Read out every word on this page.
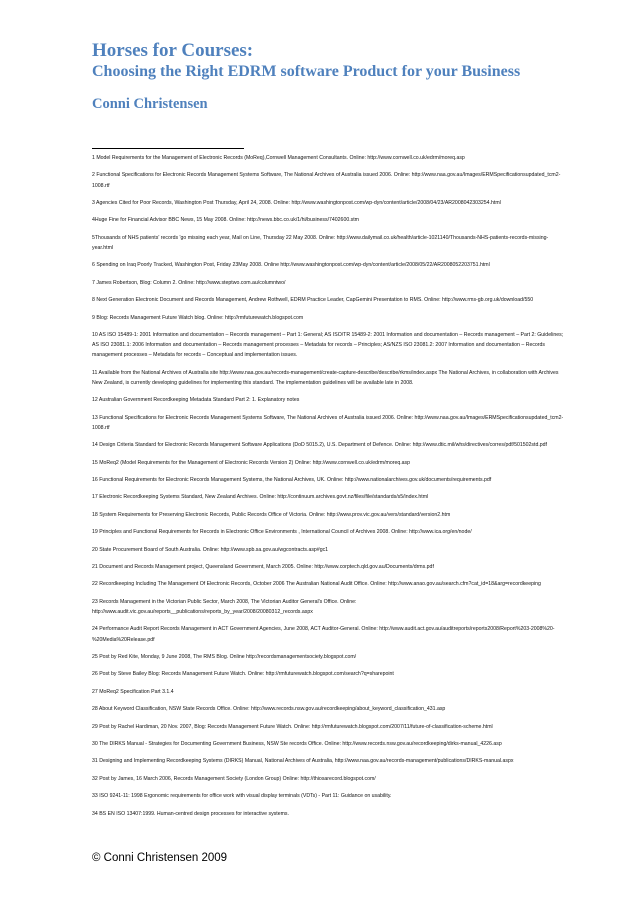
Horses for Courses:
Choosing the Right EDRM software Product for your Business
Conni Christensen
1 Model Requirements for the Management of Electronic Records (MoReq),Cornwell Management Consultants. Online: http://www.cornwell.co.uk/edrm/moreq.asp
2 Functional Specifications for Electronic Records Management Systems Software, The National Archives of Australia issued 2006. Online: http://www.naa.gov.au/Images/ERMSpecificationsupdated_tcm2-1008.rtf
3 Agencies Cited for Poor Records, Washington Post Thursday, April 24, 2008. Online: http://www.washingtonpost.com/wp-dyn/content/article/2008/04/23/AR2008042303254.html
4Huge Fine for Financial Advisor BBC News, 15 May 2008. Online: http://news.bbc.co.uk/1/hi/business/7402600.stm
5Thousands of NHS patients' records 'go missing each year, Mail on Line, Thursday 22 May 2008. Online: http://www.dailymail.co.uk/health/article-1021140/Thousands-NHS-patients-records-missing-year.html
6 Spending on Iraq Poorly Tracked, Washington Post, Friday 23May 2008. Online http://www.washingtonpost.com/wp-dyn/content/article/2008/05/22/AR2008052203751.html
7 James Robertson, Blog: Column 2. Online: http://www.steptwo.com.au/columntwo/
8 Next Generation Electronic Document and Records Management, Andrew Rothwell, EDRM Practice Leader, CapGemini Presentation to RMS. Online: http://www.rms-gb.org.uk/download/550
9 Blog: Records Management Future Watch blog. Online: http://rmfuturewatch.blogspot.com
10 AS ISO 15489-1: 2001 Information and documentation – Records management – Part 1: General; AS ISO/TR 15489-2: 2001 Information and documentation – Records management – Part 2: Guidelines; AS ISO 23081.1: 2006 Information and documentation – Records management processes – Metadata for records – Principles; AS/NZS ISO 23081.2: 2007 Information and documentation – Records management processes – Metadata for records – Conceptual and implementation issues.
11 Available from the National Archives of Australia site http://www.naa.gov.au/records-management/create-capture-describe/describe/rkms/index.aspx The National Archives, in collaboration with Archives New Zealand, is currently developing guidelines for implementing this standard. The implementation guidelines will be available late in 2008.
12 Australian Government Recordkeeping Metadata Standard Part 2: 1. Explanatory notes
13 Functional Specifications for Electronic Records Management Systems Software, The National Archives of Australia issued 2006. Online: http://www.naa.gov.au/Images/ERMSpecificationsupdated_tcm2-1008.rtf
14 Design Criteria Standard for Electronic Records Management Software Applications (DoD 5015.2), U.S. Department of Defence. Online: http://www.dtic.mil/whs/directives/corres/pdf/501502std.pdf
15 MoReq2 (Model Requirements for the Management of Electronic Records Version 2) Online: http://www.cornwell.co.uk/edrm/moreq.asp
16 Functional Requirements for Electronic Records Management Systems, the National Archives, UK. Online: http://www.nationalarchives.gov.uk/documents/requirements.pdf
17 Electronic Recordkeeping Systems Standard, New Zealand Archives. Online: http://continuum.archives.govt.nz/files/file/standards/s5/index.html
18 System Requirements for Preserving Electronic Records, Public Records Office of Victoria. Online: http://www.prov.vic.gov.au/vers/standard/version2.htm
19 Principles and Functional Requirements for Records in Electronic Office Environments , International Council of Archives 2008. Online: http://www.ica.org/en/node/
20 State Procurement Board of South Australia. Online: http://www.spb.sa.gov.au/wgcontracts.asp#gc1
21 Document and Records Management project, Queensland Government, March 2005. Online: http://www.corptech.qld.gov.au/Documents/drms.pdf
22 Recordkeeping Including The Management Of Electronic Records, October 2006 The Australian National Audit Office. Online: http://www.anao.gov.au/search.cfm?cat_id=18&arg=recordkeeping
23 Records Management in the Victorian Public Sector, March 2008, The Victorian Auditor General's Office. Online: http://www.audit.vic.gov.au/reports__publications/reports_by_year/2008/20080312_records.aspx
24 Performance Audit Report Records Management in ACT Government Agencies, June 2008, ACT Auditor-General. Online: http://www.audit.act.gov.au/auditreports/reports2008/Report%203-2008%20-%20Media%20Release.pdf
25 Post by Red Kite, Monday, 9 June 2008, The RMS Blog. Online http://recordsmanagementsociety.blogspot.com/
26 Post by Steve Bailey Blog: Records Management Future Watch. Online: http://rmfuturewatch.blogspot.com/search?q=sharepoint
27 MoReq2 Specification Part 3.1.4
28 About Keyword Classification, NSW State Records Office. Online: http://www.records.nsw.gov.au/recordkeeping/about_keyword_classification_431.asp
29 Post by Rachel Hardiman, 20 Nov. 2007, Blog: Records Management Future Watch. Online: http://rmfuturewatch.blogspot.com/2007/11/future-of-classification-scheme.html
30 The DIRKS Manual - Strategies for Documenting Government Business, NSW Ste records Office. Online: http://www.records.nsw.gov.au/recordkeeping/dirks-manual_4226.asp
31 Designing and Implementing Recordkeeping Systems (DIRKS) Manual, National Archives of Australia, http://www.naa.gov.au/records-management/publications/DIRKS-manual.aspx
32 Post by James, 16 March 2006, Records Management Society (London Group) Online: http://thiosarecord.blogspot.com/
33 ISO 9241-11: 1998 Ergonomic requirements for office work with visual display terminals (VDTs) - Part 11: Guidance on usability.
34 BS EN ISO 13407:1999. Human-centred design processes for interactive systems.

© Conni Christensen 2009
